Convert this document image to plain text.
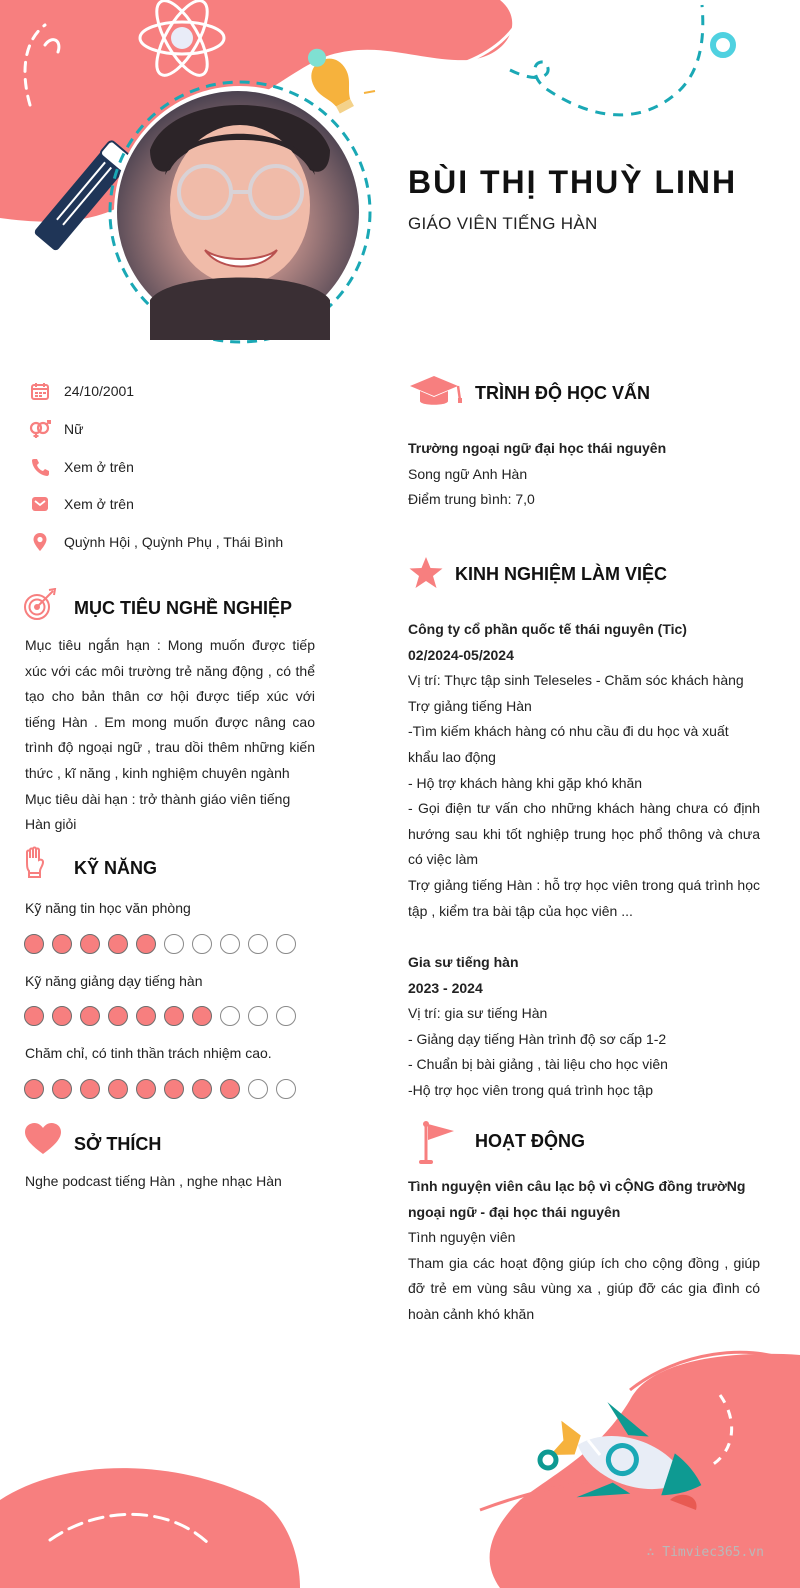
BÙI THỊ THUỲ LINH
GIÁO VIÊN TIẾNG HÀN
24/10/2001
Nữ
Xem ở trên
Xem ở trên
Quỳnh Hội , Quỳnh Phụ , Thái Bình
MỤC TIÊU NGHỀ NGHIỆP

Mục tiêu ngắn hạn : Mong muốn được tiếp xúc với các môi trường trẻ năng động , có thể tạo cho bản thân cơ hội được tiếp xúc với tiếng Hàn . Em mong muốn được nâng cao trình độ ngoại ngữ , trau dồi thêm những kiến thức , kĩ năng , kinh nghiệm chuyên ngành

Mục tiêu dài hạn : trở thành giáo viên tiếng Hàn giỏi

KỸ NĂNG
Kỹ năng tin học văn phòng
Kỹ năng giảng dạy tiếng hàn
Chăm chỉ, có tinh thần trách nhiệm cao.
SỞ THÍCH
Nghe podcast tiếng Hàn , nghe nhạc Hàn
TRÌNH ĐỘ HỌC VẤN

Trường ngoại ngữ đại học thái nguyên

Song ngữ Anh Hàn

Điểm trung bình: 7,0

KINH NGHIỆM LÀM VIỆC

Công ty cổ phần quốc tế thái nguyên (Tic)

02/2024-05/2024

Vị trí: Thực tập sinh Teleseles - Chăm sóc khách hàng

Trợ giảng tiếng Hàn

-Tìm kiếm khách hàng có nhu cầu đi du học và xuất khẩu lao động

- Hộ trợ khách hàng khi gặp khó khăn

- Gọi điện tư vấn cho những khách hàng chưa có định hướng sau khi tốt nghiệp trung học phổ thông và chưa có việc làm

Trợ giảng tiếng Hàn : hỗ trợ học viên trong quá trình học tập , kiểm tra bài tập của học viên ...

Gia sư tiếng hàn

2023 - 2024

Vị trí: gia sư tiếng Hàn

- Giảng dạy tiếng Hàn trình độ sơ cấp 1-2

- Chuẩn bị bài giảng , tài liệu cho học viên

-Hộ trợ học viên trong quá trình học tập

HOẠT ĐỘNG

Tình nguyện viên câu lạc bộ vì cỘNG đồng trườNg ngoại ngữ - đại học thái nguyên

Tình nguyện viên

Tham gia các hoạt động giúp ích cho cộng đồng , giúp đỡ trẻ em vùng sâu vùng xa , giúp đỡ các gia đình có hoàn cảnh khó khăn

∴ Timviec365.vn
